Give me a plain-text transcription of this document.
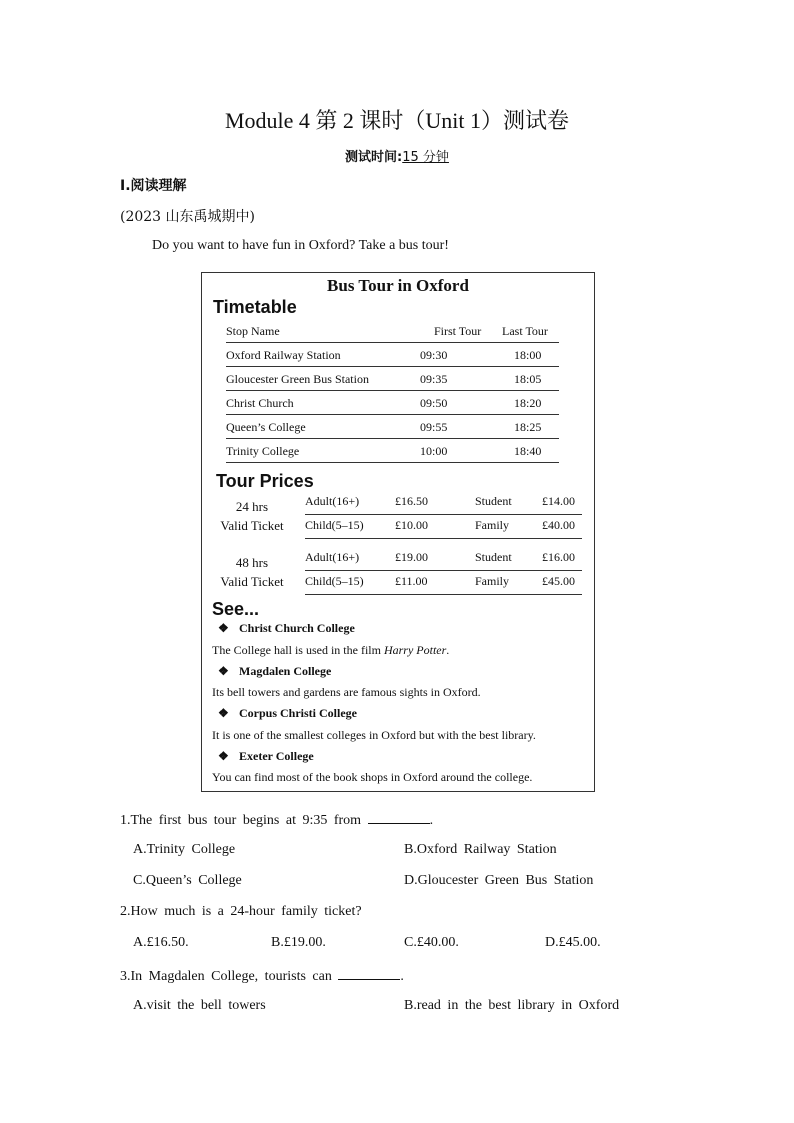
Module 4 第 2 课时（Unit 1）测试卷
测试时间:15 分钟
Ⅰ.阅读理解
(2023 山东禹城期中)
Do you want to have fun in Oxford? Take a bus tour!
Bus Tour in Oxford
Timetable
Stop Name	First Tour Last Tour
Oxford Railway Station	09:30	18:00
Gloucester Green Bus Station	09:35	18:05
Christ Church	09:50	18:20
Queen’s College	09:55	18:25
Trinity College	10:00	18:40
Tour Prices
24 hrs
Valid Ticket
Adult(16+)	£16.50	Student	£14.00
Child(5–15)	£10.00	Family	£40.00
48 hrs
Valid Ticket
Adult(16+)	£19.00	Student	£16.00
Child(5–15)	£11.00	Family	£45.00
See...
❖ Christ Church College
The College hall is used in the film Harry Potter.
❖ Magdalen College
Its bell towers and gardens are famous sights in Oxford.
❖ Corpus Christi College
It is one of the smallest colleges in Oxford but with the best library.
❖ Exeter College
You can find most of the book shops in Oxford around the college.
1.The first bus tour begins at 9:35 from	.
A.Trinity College	B.Oxford Railway Station
C.Queen’s College	D.Gloucester Green Bus Station
2.How much is a 24-hour family ticket?
A.£16.50.	B.£19.00.	C.£40.00.	D.£45.00.
3.In Magdalen College, tourists can	.
A.visit the bell towers	B.read in the best library in Oxford
